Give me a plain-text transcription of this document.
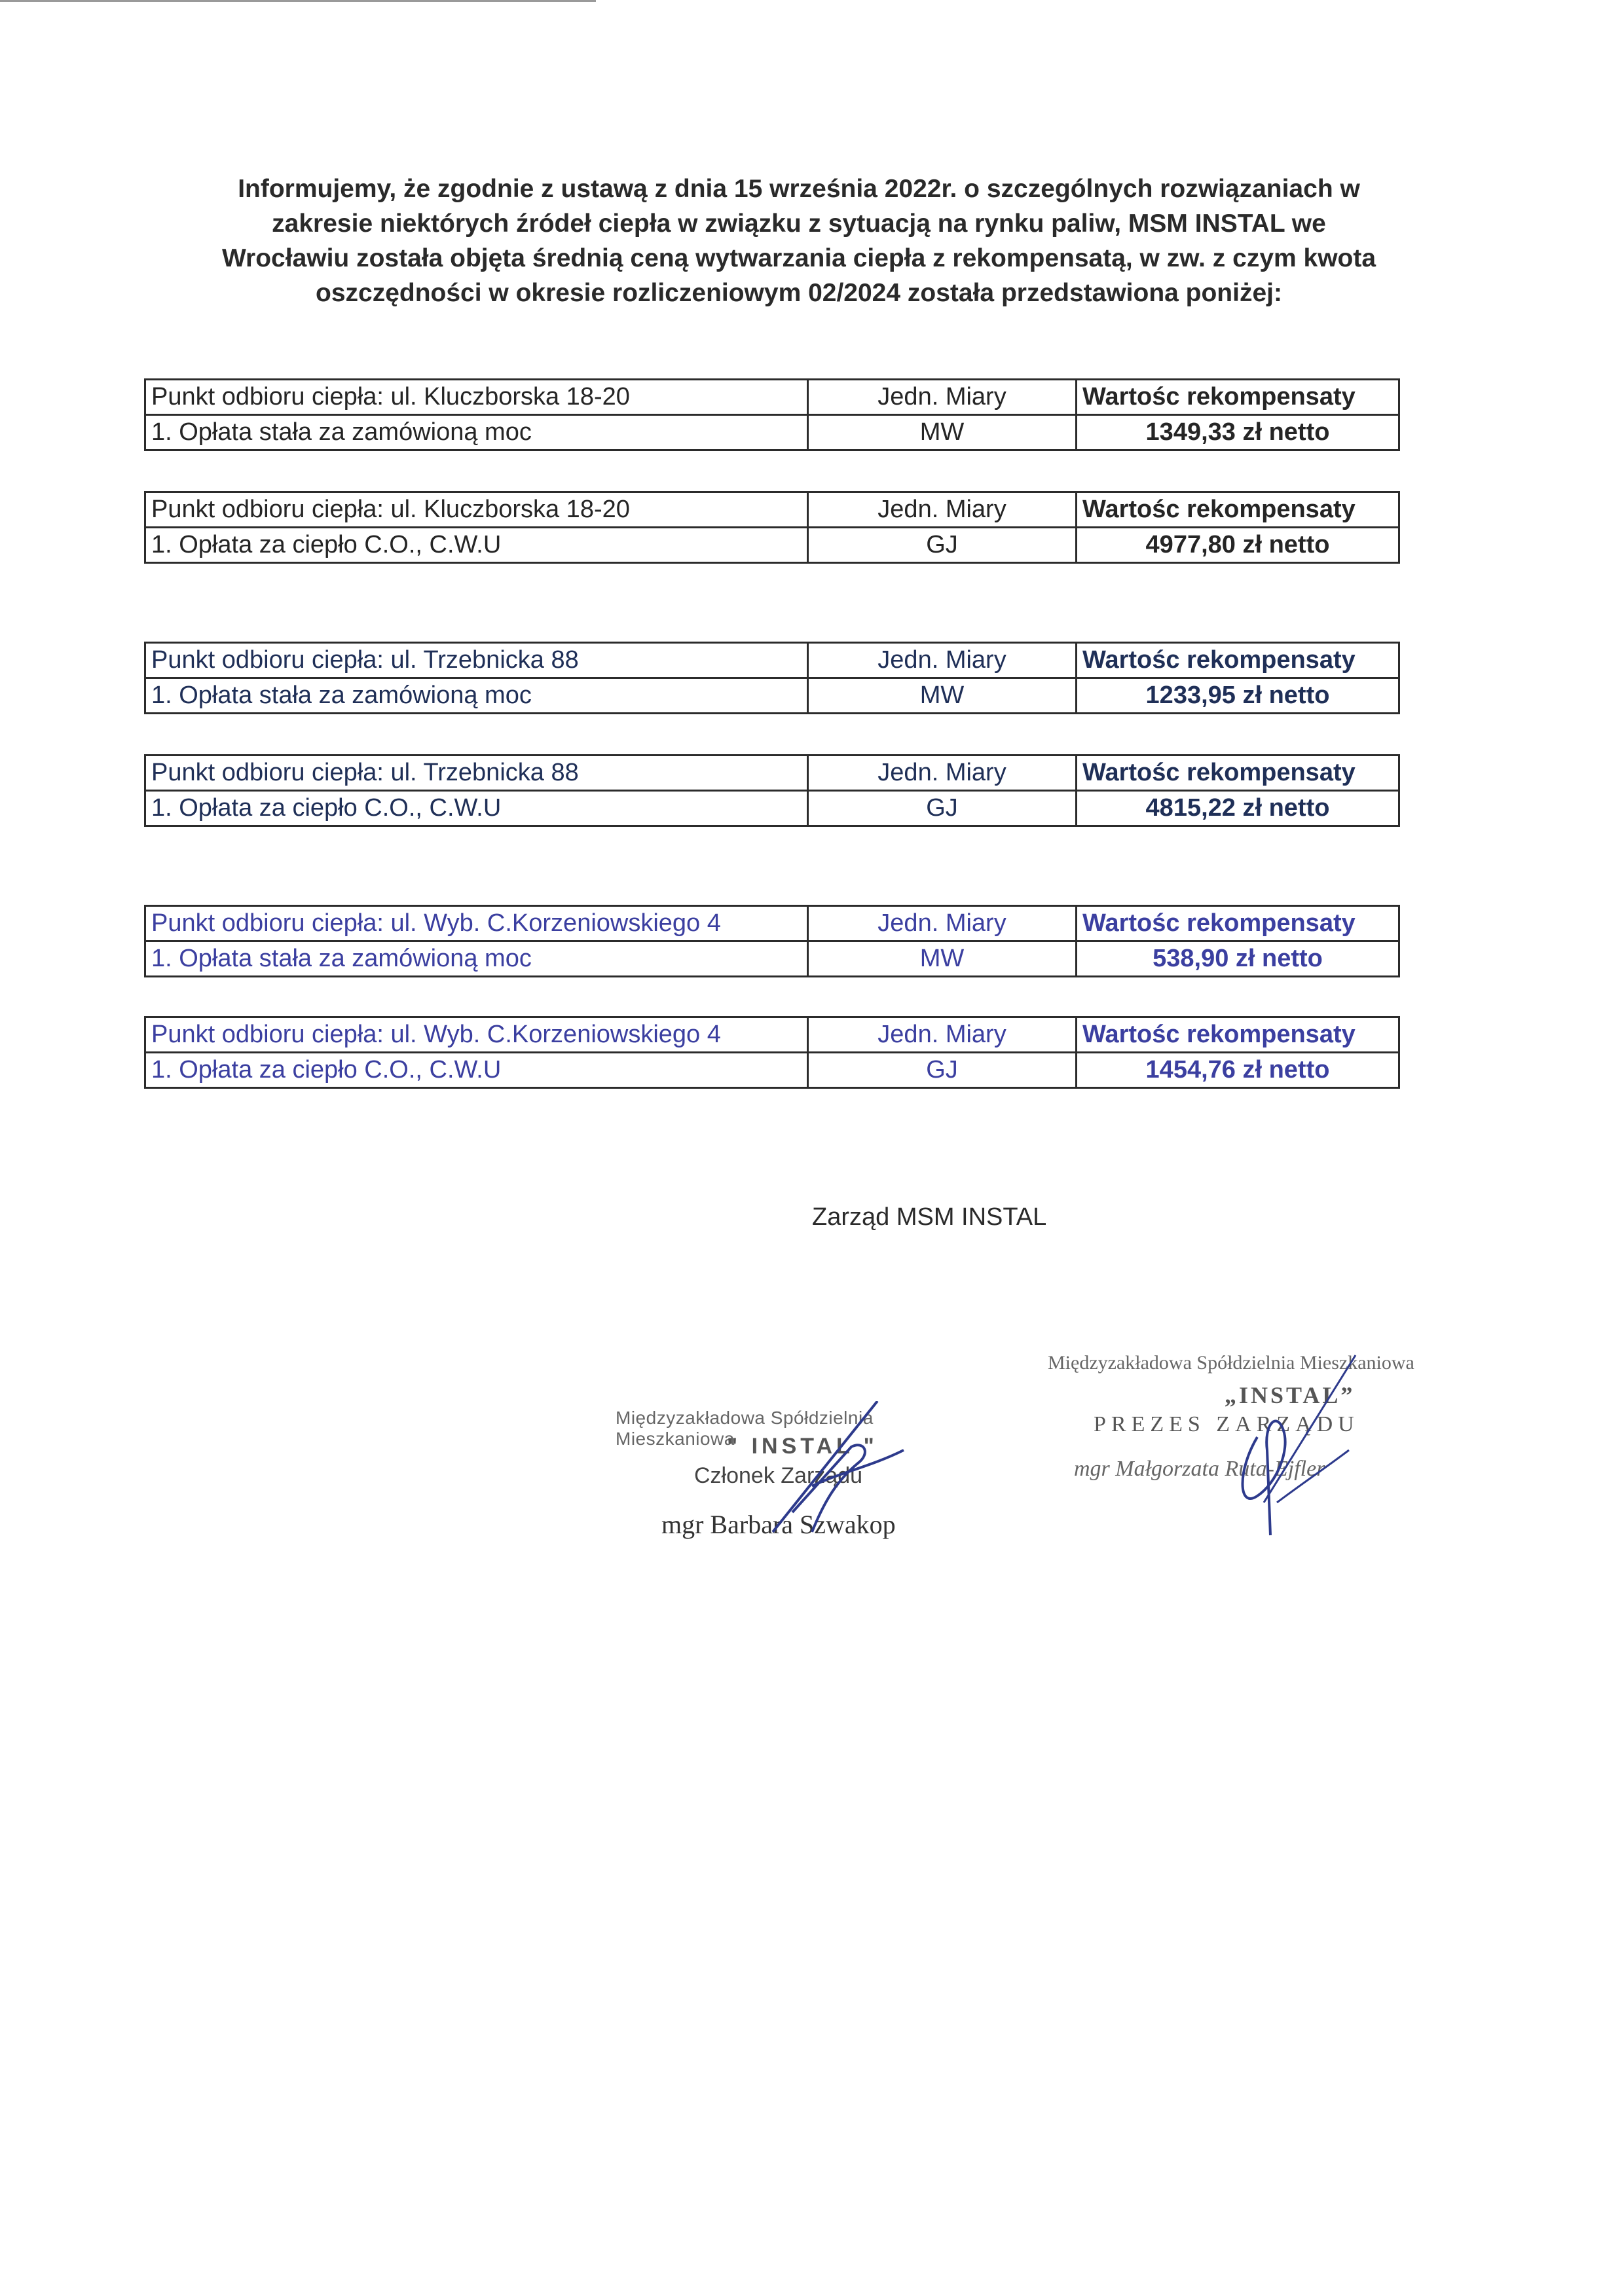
Informujemy, że zgodnie z ustawą z dnia 15 września 2022r. o szczególnych rozwiązaniach w
zakresie niektórych źródeł ciepła w związku z sytuacją na rynku paliw, MSM INSTAL we
Wrocławiu została objęta średnią ceną wytwarzania ciepła z rekompensatą, w zw. z czym kwota
oszczędności w okresie rozliczeniowym 02/2024 została przedstawiona poniżej:
Punkt odbioru ciepła: ul. Kluczborska 18-20	Jedn. Miary	Wartośc rekompensaty
1. Opłata stała za zamówioną moc	MW	1349,33 zł netto
Punkt odbioru ciepła: ul. Kluczborska 18-20	Jedn. Miary	Wartośc rekompensaty
1. Opłata za ciepło C.O., C.W.U	GJ	4977,80 zł netto
Punkt odbioru ciepła: ul. Trzebnicka 88	Jedn. Miary	Wartośc rekompensaty
1. Opłata stała za zamówioną moc	MW	1233,95 zł netto
Punkt odbioru ciepła: ul. Trzebnicka 88	Jedn. Miary	Wartośc rekompensaty
1. Opłata za ciepło C.O., C.W.U	GJ	4815,22 zł netto
Punkt odbioru ciepła: ul. Wyb. C.Korzeniowskiego 4	Jedn. Miary	Wartośc rekompensaty
1. Opłata stała za zamówioną moc	MW	538,90 zł netto
Punkt odbioru ciepła: ul. Wyb. C.Korzeniowskiego 4	Jedn. Miary	Wartośc rekompensaty
1. Opłata za ciepło C.O., C.W.U	GJ	1454,76 zł netto
Zarząd MSM INSTAL
Międzyzakładowa Spółdzielnia Mieszkaniowa
" INSTAL "
Członek Zarządu
mgr Barbara Szwakop
Międzyzakładowa Spółdzielnia Mieszkaniowa
„INSTAL”
PREZES ZARZĄDU
mgr Małgorzata Ruta-Ejfler
